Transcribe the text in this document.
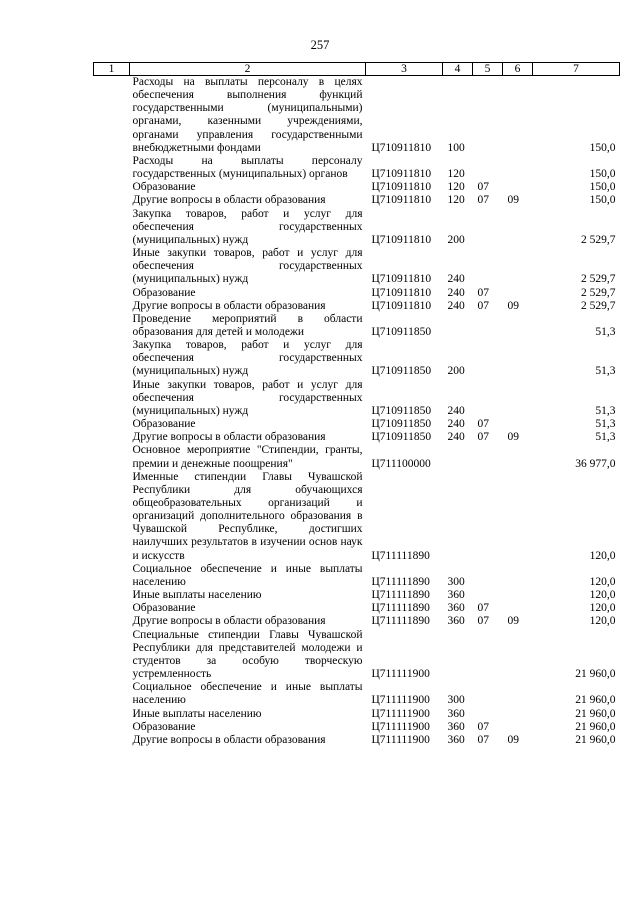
257
1	2	3	4	5	6	7
	Расходы на выплаты персоналу в целях обеспечения выполнения функций государственными (муниципальными) органами, казенными учреждениями, органами управления государственными внебюджетными фондами	Ц710911810	100			150,0
	Расходы на выплаты персоналу государственных (муниципальных) органов	Ц710911810	120			150,0
	Образование	Ц710911810	120	07		150,0
	Другие вопросы в области образования	Ц710911810	120	07	09	150,0
	Закупка товаров, работ и услуг для обеспечения государственных (муниципальных) нужд	Ц710911810	200			2 529,7
	Иные закупки товаров, работ и услуг для обеспечения государственных (муниципальных) нужд	Ц710911810	240			2 529,7
	Образование	Ц710911810	240	07		2 529,7
	Другие вопросы в области образования	Ц710911810	240	07	09	2 529,7
	Проведение мероприятий в области образования для детей и молодежи	Ц710911850				51,3
	Закупка товаров, работ и услуг для обеспечения государственных (муниципальных) нужд	Ц710911850	200			51,3
	Иные закупки товаров, работ и услуг для обеспечения государственных (муниципальных) нужд	Ц710911850	240			51,3
	Образование	Ц710911850	240	07		51,3
	Другие вопросы в области образования	Ц710911850	240	07	09	51,3
	Основное мероприятие "Стипендии, гранты, премии и денежные поощрения"	Ц711100000				36 977,0
	Именные стипендии Главы Чувашской Республики для обучающихся общеобразовательных организаций и организаций дополнительного образования в Чувашской Республике, достигших наилучших результатов в изучении основ наук и искусств	Ц711111890				120,0
	Социальное обеспечение и иные выплаты населению	Ц711111890	300			120,0
	Иные выплаты населению	Ц711111890	360			120,0
	Образование	Ц711111890	360	07		120,0
	Другие вопросы в области образования	Ц711111890	360	07	09	120,0
	Специальные стипендии Главы Чувашской Республики для представителей молодежи и студентов за особую творческую устремленность	Ц711111900				21 960,0
	Социальное обеспечение и иные выплаты населению	Ц711111900	300			21 960,0
	Иные выплаты населению	Ц711111900	360			21 960,0
	Образование	Ц711111900	360	07		21 960,0
	Другие вопросы в области образования	Ц711111900	360	07	09	21 960,0
